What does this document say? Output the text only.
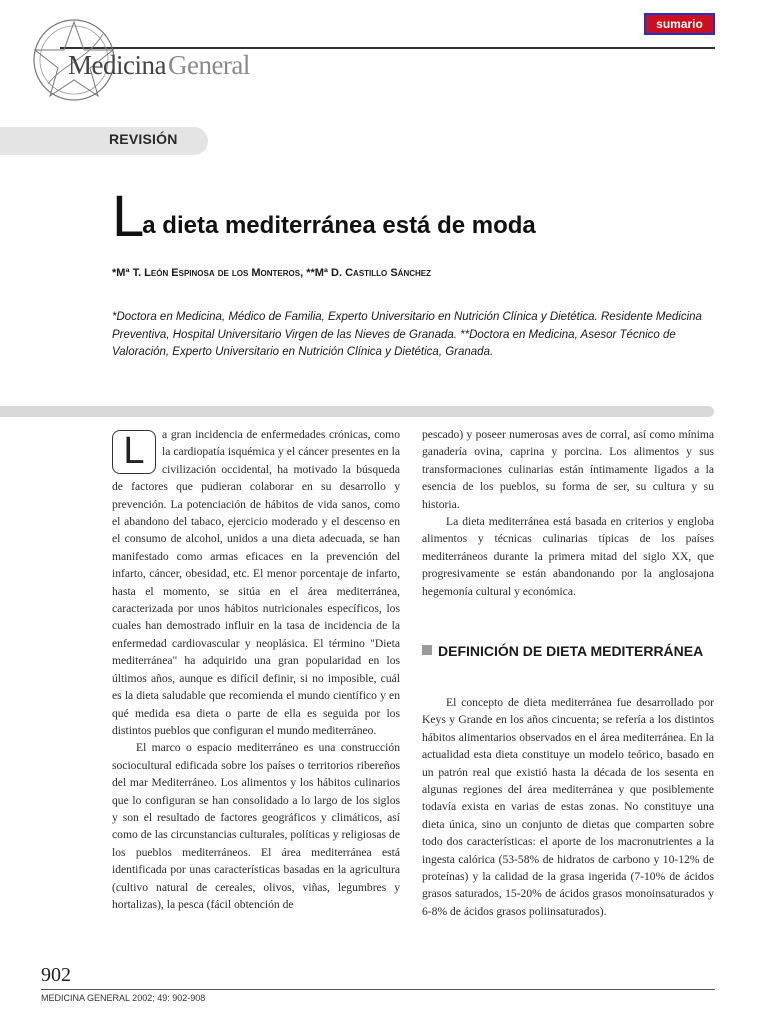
sumario
MedicinaGeneral
REVISIÓN
La dieta mediterránea está de moda
*Mª T. León Espinosa de los Monteros, **Mª D. Castillo Sánchez
*Doctora en Medicina, Médico de Familia, Experto Universitario en Nutrición Clínica y Dietética. Residente Medicina Preventiva, Hospital Universitario Virgen de las Nieves de Granada. **Doctora en Medicina, Asesor Técnico de Valoración, Experto Universitario en Nutrición Clínica y Dietética, Granada.
L	a gran incidencia de enfermedades crónicas, como la cardiopatía isquémica y el cáncer presentes en la civilización occidental, ha motivado la búsqueda de factores que pudieran colaborar en su desarrollo y prevención. La potenciación de hábitos de vida sanos, como el abandono del tabaco, ejercicio moderado y el descenso en el consumo de alcohol, unidos a una dieta adecuada, se han manifestado como armas eficaces en la prevención del infarto, cáncer, obesidad, etc. El menor porcentaje de infarto, hasta el momento, se sitúa en el área mediterránea, caracterizada por unos hábitos nutricionales específicos, los cuales han demostrado influir en la tasa de incidencia de la enfermedad cardiovascular y neoplásica. El término "Dieta mediterránea" ha adquirido una gran popularidad en los últimos años, aunque es difícil definir, si no imposible, cuál es la dieta saludable que recomienda el mundo científico y en qué medida esa dieta o parte de ella es seguida por los distintos pueblos que configuran el mundo mediterráneo.

El marco o espacio mediterráneo es una construcción sociocultural edificada sobre los países o territorios ribereños del mar Mediterráneo. Los alimentos y los hábitos culinarios que lo configuran se han consolidado a lo largo de los siglos y son el resultado de factores geográficos y climáticos, así como de las circunstancias culturales, políticas y religiosas de los pueblos mediterráneos. El área mediterránea está identificada por unas características basadas en la agricultura (cultivo natural de cereales, olivos, viñas, legumbres y hortalizas), la pesca (fácil obtención de

pescado) y poseer numerosas aves de corral, así como mínima ganadería ovina, caprina y porcina. Los alimentos y sus transformaciones culinarias están íntimamente ligados a la esencia de los pueblos, su forma de ser, su cultura y su historia.

La dieta mediterránea está basada en criterios y engloba alimentos y técnicas culinarias típicas de los países mediterráneos durante la primera mitad del siglo XX, que progresivamente se están abandonando por la anglosajona hegemonía cultural y económica.

DEFINICIÓN DE DIETA MEDITERRÁNEA

El concepto de dieta mediterránea fue desarrollado por Keys y Grande en los años cincuenta; se refería a los distintos hábitos alimentarios observados en el área mediterránea. En la actualidad esta dieta constituye un modelo teórico, basado en un patrón real que existió hasta la década de los sesenta en algunas regiones del área mediterránea y que posiblemente todavía exista en varias de estas zonas. No constituye una dieta única, sino un conjunto de dietas que comparten sobre todo dos características: el aporte de los macronutrientes a la ingesta calórica (53-58% de hidratos de carbono y 10-12% de proteínas) y la calidad de la grasa ingerida (7-10% de ácidos grasos saturados, 15-20% de ácidos grasos monoinsaturados y 6-8% de ácidos grasos poliinsaturados).

902
MEDICINA GENERAL 2002; 49: 902-908
